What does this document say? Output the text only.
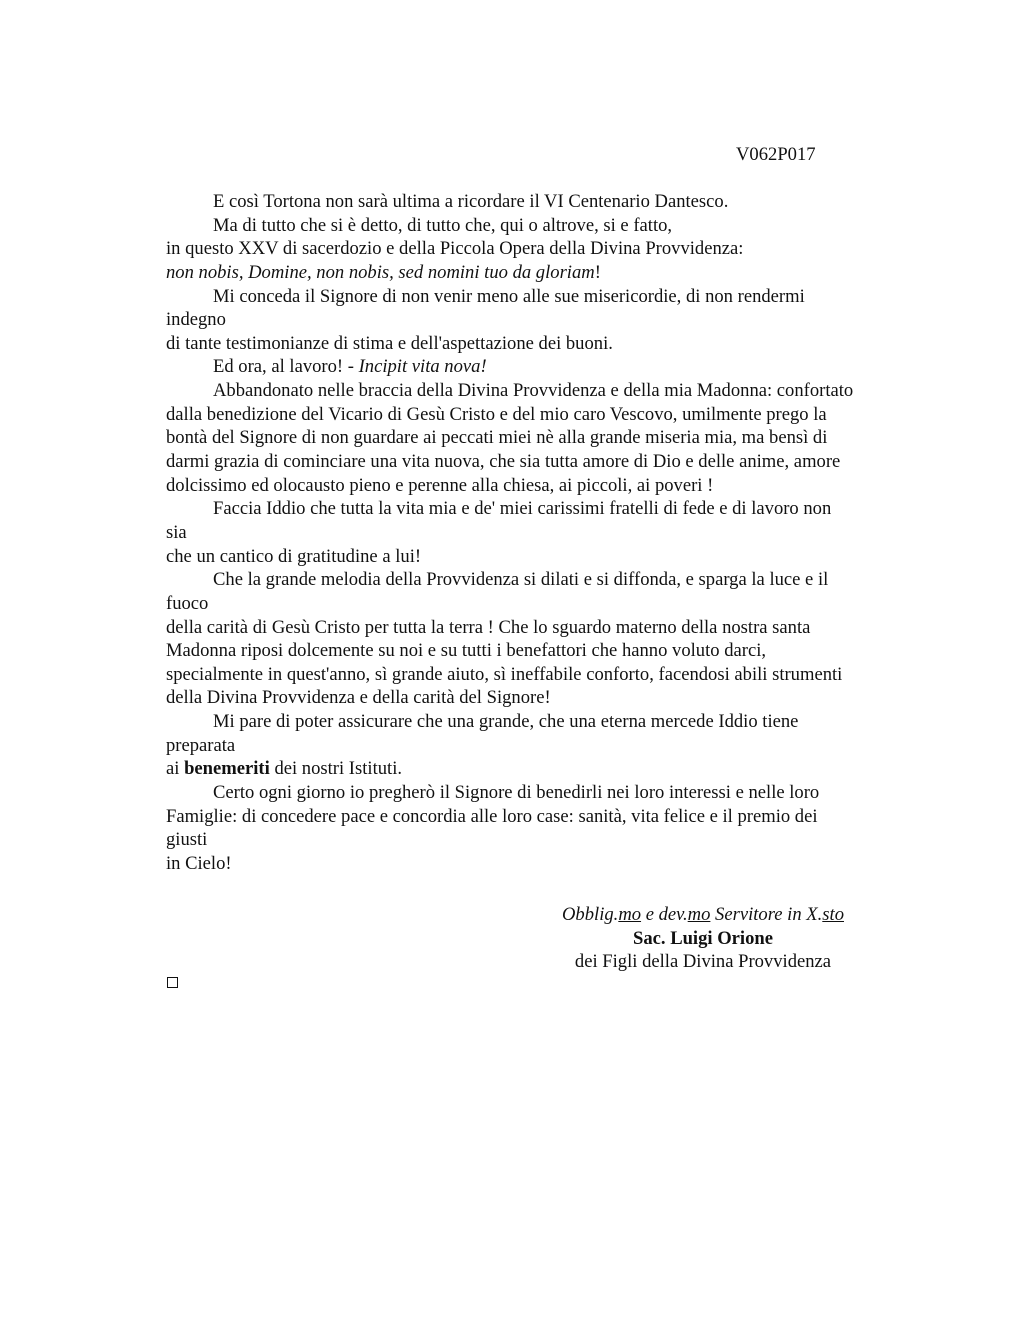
V062P017
E così Tortona non sarà ultima a ricordare il VI Centenario Dantesco.
Ma di tutto che si è detto, di tutto che, qui o altrove, si e fatto,
in questo XXV di sacerdozio e della Piccola Opera della Divina Provvidenza:
non nobis, Domine, non nobis, sed nomini tuo da gloriam!
Mi conceda il Signore di non venir meno alle sue misericordie, di non rendermi
indegno
di tante testimonianze di stima e dell'aspettazione dei buoni.
Ed ora, al lavoro! - Incipit vita nova!
Abbandonato nelle braccia della Divina Provvidenza e della mia Madonna: confortato
dalla benedizione del Vicario di Gesù Cristo e del mio caro Vescovo, umilmente prego la
bontà del Signore di non guardare ai peccati miei nè alla grande miseria mia, ma bensì di
darmi grazia di cominciare una vita nuova, che sia tutta amore di Dio e delle anime, amore
dolcissimo ed olocausto pieno e perenne alla chiesa, ai piccoli, ai poveri !
Faccia Iddio che tutta la vita mia e de' miei carissimi fratelli di fede e di lavoro non
sia
che un cantico di gratitudine a lui!
Che la grande melodia della Provvidenza si dilati e si diffonda, e sparga la luce e il
fuoco
della carità di Gesù Cristo per tutta la terra ! Che lo sguardo materno della nostra santa
Madonna riposi dolcemente su noi e su tutti i benefattori che hanno voluto darci,
specialmente in quest'anno, sì grande aiuto, sì ineffabile conforto, facendosi abili strumenti
della Divina Provvidenza e della carità del Signore!
Mi pare di poter assicurare che una grande, che una eterna mercede Iddio tiene
preparata
ai benemeriti dei nostri Istituti.
Certo ogni giorno io pregherò il Signore di benedirli nei loro interessi e nelle loro
Famiglie: di concedere pace e concordia alle loro case: sanità, vita felice e il premio dei
giusti
in Cielo!
Obblig.mo e dev.mo Servitore in X.sto
Sac. Luigi Orione
dei Figli della Divina Provvidenza
